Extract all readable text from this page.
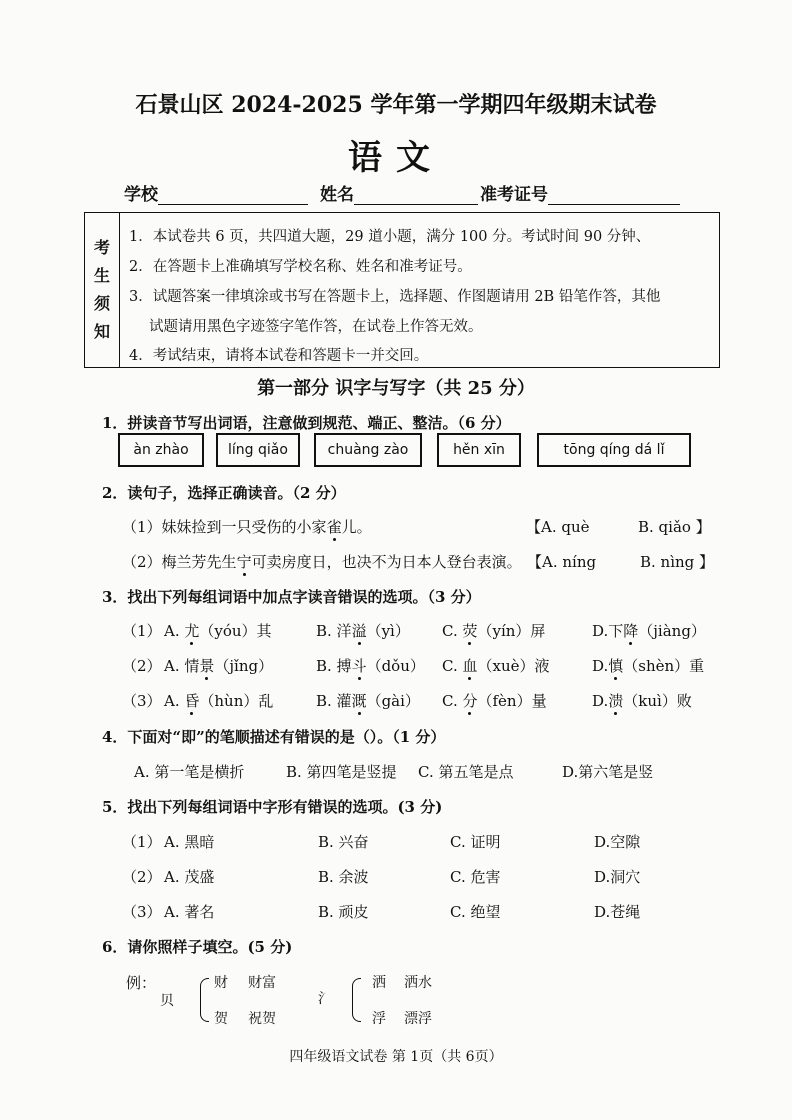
石景山区 2024-2025 学年第一学期四年级期末试卷
语文
学校	姓名	准考证号
考
生
须
知
1．本试卷共 6 页，共四道大题，29 道小题，满分 100 分。考试时间 90 分钟、
2．在答题卡上准确填写学校名称、姓名和准考证号。
3．试题答案一律填涂或书写在答题卡上，选择题、作图题请用 2B 铅笔作答，其他
试题请用黑色字迹签字笔作答，在试卷上作答无效。
4．考试结束，请将本试卷和答题卡一并交回。
第一部分 识字与写字（共 25 分）
1．拼读音节写出词语，注意做到规范、端正、整洁。（6 分）
àn zhào	líng qiǎo	chuàng zào	hěn xīn	tōng qíng dá lǐ
2．读句子，选择正确读音。（2 分）
（1）妹妹捡到一只受伤的小家雀儿。	【A. què	B. qiǎo 】
（2）梅兰芳先生宁可卖房度日，也决不为日本人登台表演。 【A. níng	B. nìng 】
3．找出下列每组词语中加点字读音错误的选项。（3 分）
（1） A. 尤（yóu）其	B. 洋溢（yì） C. 荧（yín）屏	D.下降（jiàng）
（2） A. 情景（jǐng）	B. 搏斗（dǒu） C. 血（xuè）液	D.慎（shèn）重
（3） A. 昏（hùn）乱	B. 灌溉（gài） C. 分（fèn）量	D.溃（kuì）败
4．下面对“即”的笔顺描述有错误的是（）。（1 分）
A. 第一笔是横折	B. 第四笔是竖提 C. 第五笔是点	D.第六笔是竖
5．找出下列每组词语中字形有错误的选项。(3 分)
（1） A. 黑暗	B. 兴奋	C. 证明	D.空隙
（2） A. 茂盛	B. 余波	C. 危害	D.洞穴
（3） A. 著名	B. 顽皮	C. 绝望	D.苍绳
6．请你照样子填空。(5 分)
例：
贝
财 财富
贺 祝贺
氵
洒 洒水
浮 漂浮
四年级语文试卷 第 1页（共 6页）
